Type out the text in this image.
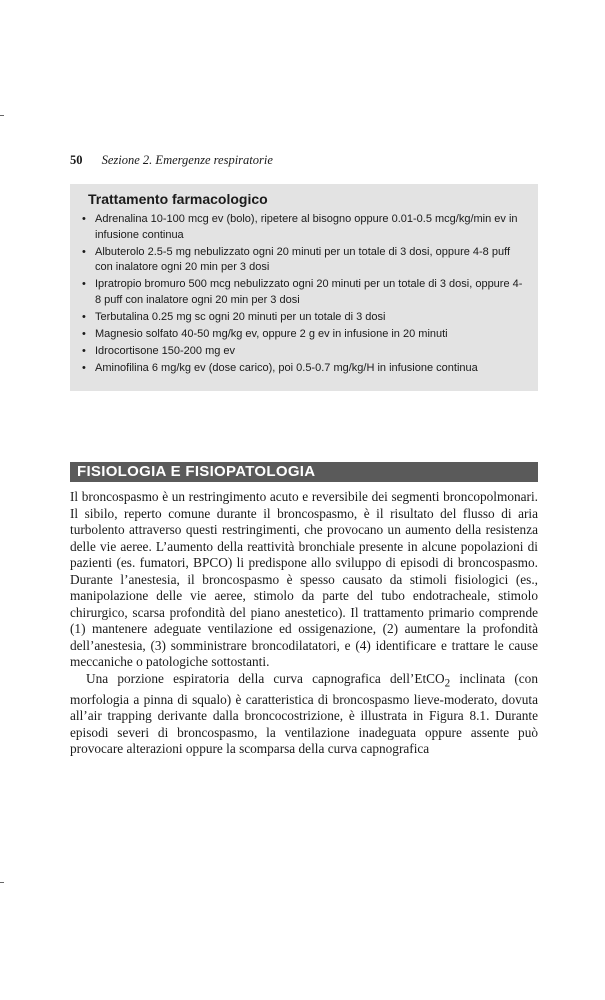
50 Sezione 2. Emergenze respiratorie
Trattamento farmacologico
• Adrenalina 10-100 mcg ev (bolo), ripetere al bisogno oppure 0.01-0.5 mcg/kg/min ev in infusione continua
• Albuterolo 2.5-5 mg nebulizzato ogni 20 minuti per un totale di 3 dosi, oppure 4-8 puff con inalatore ogni 20 min per 3 dosi
• Ipratropio bromuro 500 mcg nebulizzato ogni 20 minuti per un totale di 3 dosi, oppure 4-8 puff con inalatore ogni 20 min per 3 dosi
• Terbutalina 0.25 mg sc ogni 20 minuti per un totale di 3 dosi
• Magnesio solfato 40-50 mg/kg ev, oppure 2 g ev in infusione in 20 minuti
• Idrocortisone 150-200 mg ev
• Aminofilina 6 mg/kg ev (dose carico), poi 0.5-0.7 mg/kg/H in infusione continua
FISIOLOGIA E FISIOPATOLOGIA

Il broncospasmo è un restringimento acuto e reversibile dei segmenti broncopolmonari. Il sibilo, reperto comune durante il broncospasmo, è il risultato del flusso di aria turbolento attraverso questi restringimenti, che provocano un aumento della resistenza delle vie aeree. L’aumento della reattività bronchiale presente in alcune popolazioni di pazienti (es. fumatori, BPCO) li predispone allo sviluppo di episodi di broncospasmo. Durante l’anestesia, il broncospasmo è spesso causato da stimoli fisiologici (es., manipolazione delle vie aeree, stimolo da parte del tubo endotracheale, stimolo chirurgico, scarsa profondità del piano anestetico). Il trattamento primario comprende (1) mantenere adeguate ventilazione ed ossigenazione, (2) aumentare la profondità dell’anestesia, (3) somministrare broncodilatatori, e (4) identificare e trattare le cause meccaniche o patologiche sottostanti.

Una porzione espiratoria della curva capnografica dell’EtCO$_2$ inclinata (con morfologia a pinna di squalo) è caratteristica di broncospasmo lieve-moderato, dovuta all’air trapping derivante dalla broncocostrizione, è illustrata in Figura 8.1. Durante episodi severi di broncospasmo, la ventilazione inadeguata oppure assente può provocare alterazioni oppure la scomparsa della curva capnografica
